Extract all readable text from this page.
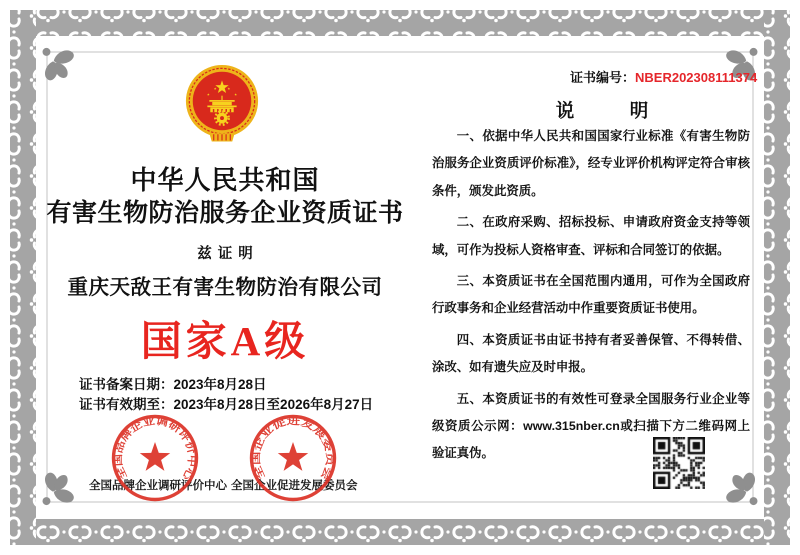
中华人民共和国
有害生物防治服务企业资质证书
兹证明
重庆天敌王有害生物防治有限公司
国家A级
证书备案日期：2023年8月28日
证书有效期至：2023年8月28日至2026年8月27日
证书编号：NBER202308111374
说　　　明

一、依据中华人民共和国国家行业标准《有害生物防治服务企业资质评价标准》，经专业评价机构评定符合审核条件，颁发此资质。

二、在政府采购、招标投标、申请政府资金支持等领域，可作为投标人资格审查、评标和合同签订的依据。

三、本资质证书在全国范围内通用，可作为全国政府行政事务和企业经营活动中作重要资质证书使用。

四、本资质证书由证书持有者妥善保管、不得转借、涂改、如有遗失应及时申报。

五、本资质证书的有效性可登录全国服务行业企业等级资质公示网：www.315nber.cn或扫描下方二维码网上验证真伪。

全国品牌企业调研评价中心 全国企业促进发展委员会
全国品牌企业调研评价中心	全国企业促进发展委员会
